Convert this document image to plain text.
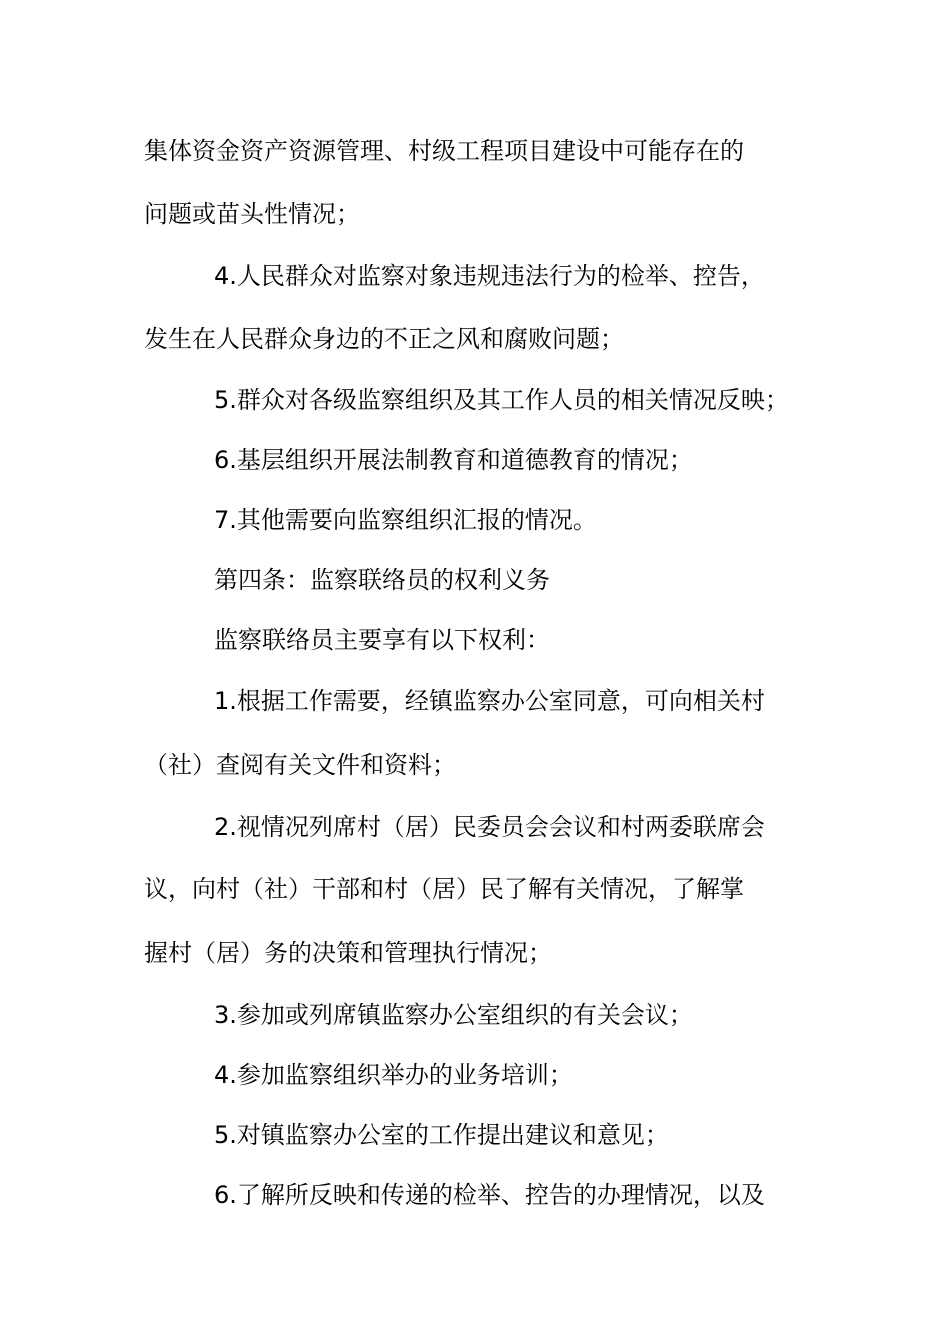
集体资金资产资源管理、村级工程项目建设中可能存在的
问题或苗头性情况；
4.人民群众对监察对象违规违法行为的检举、控告，
发生在人民群众身边的不正之风和腐败问题；
5.群众对各级监察组织及其工作人员的相关情况反映；
6.基层组织开展法制教育和道德教育的情况；
7.其他需要向监察组织汇报的情况。
第四条：监察联络员的权利义务
监察联络员主要享有以下权利：
1.根据工作需要，经镇监察办公室同意，可向相关村
（社）查阅有关文件和资料；
2.视情况列席村（居）民委员会会议和村两委联席会
议，向村（社）干部和村（居）民了解有关情况，了解掌
握村（居）务的决策和管理执行情况；
3.参加或列席镇监察办公室组织的有关会议；
4.参加监察组织举办的业务培训；
5.对镇监察办公室的工作提出建议和意见；
6.了解所反映和传递的检举、控告的办理情况，以及
